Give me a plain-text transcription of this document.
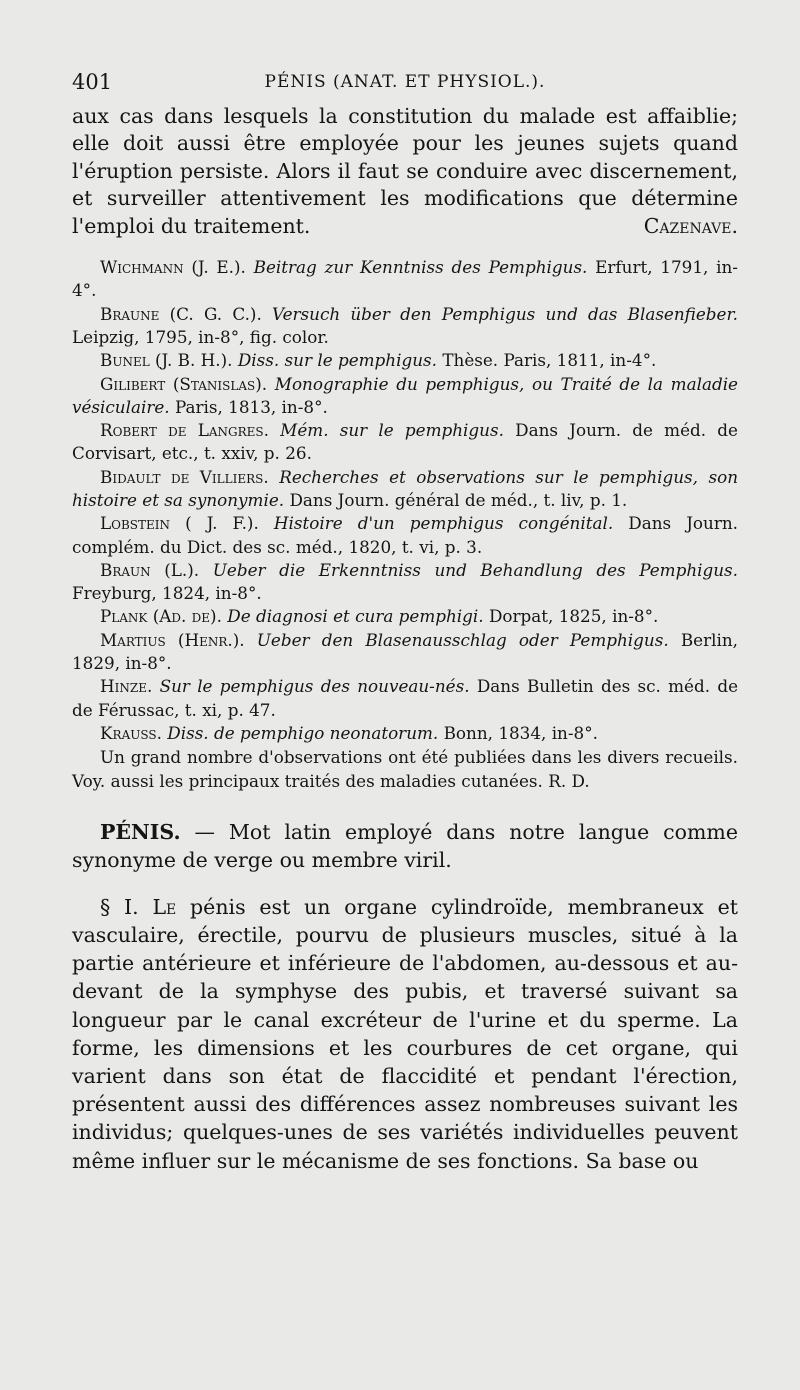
401	PÉNIS (ANAT. ET PHYSIOL.).

aux cas dans lesquels la constitution du malade est affaiblie; elle doit aussi être employée pour les jeunes sujets quand l'éruption persiste. Alors il faut se conduire avec discernement, et surveiller attentivement les modifications que détermine l'emploi du traitement.	Cazenave.

Wichmann (J. E.). Beitrag zur Kenntniss des Pemphigus. Erfurt, 1791, in-4°.

Braune (C. G. C.). Versuch über den Pemphigus und das Blasenfieber. Leipzig, 1795, in-8°, fig. color.

Bunel (J. B. H.). Diss. sur le pemphigus. Thèse. Paris, 1811, in-4°.

Gilibert (Stanislas). Monographie du pemphigus, ou Traité de la maladie vésiculaire. Paris, 1813, in-8°.

Robert de Langres. Mém. sur le pemphigus. Dans Journ. de méd. de Corvisart, etc., t. xxiv, p. 26.

Bidault de Villiers. Recherches et observations sur le pemphigus, son histoire et sa synonymie. Dans Journ. général de méd., t. liv, p. 1.

Lobstein ( J. F.). Histoire d'un pemphigus congénital. Dans Journ. complém. du Dict. des sc. méd., 1820, t. vi, p. 3.

Braun (L.). Ueber die Erkenntniss und Behandlung des Pemphigus. Freyburg, 1824, in-8°.

Plank (Ad. de). De diagnosi et cura pemphigi. Dorpat, 1825, in-8°.

Martius (Henr.). Ueber den Blasenausschlag oder Pemphigus. Berlin, 1829, in-8°.

Hinze. Sur le pemphigus des nouveau-nés. Dans Bulletin des sc. méd. de de Férussac, t. xi, p. 47.

Krauss. Diss. de pemphigo neonatorum. Bonn, 1834, in-8°.

Un grand nombre d'observations ont été publiées dans les divers recueils. Voy. aussi les principaux traités des maladies cutanées. R. D.

PÉNIS. — Mot latin employé dans notre langue comme synonyme de verge ou membre viril.

§ I. Le pénis est un organe cylindroïde, membraneux et vasculaire, érectile, pourvu de plusieurs muscles, situé à la partie antérieure et inférieure de l'abdomen, au-dessous et au-devant de la symphyse des pubis, et traversé suivant sa longueur par le canal excréteur de l'urine et du sperme. La forme, les dimensions et les courbures de cet organe, qui varient dans son état de flaccidité et pendant l'érection, présentent aussi des différences assez nombreuses suivant les individus; quelques-unes de ses variétés individuelles peuvent même influer sur le mécanisme de ses fonctions. Sa base ou
